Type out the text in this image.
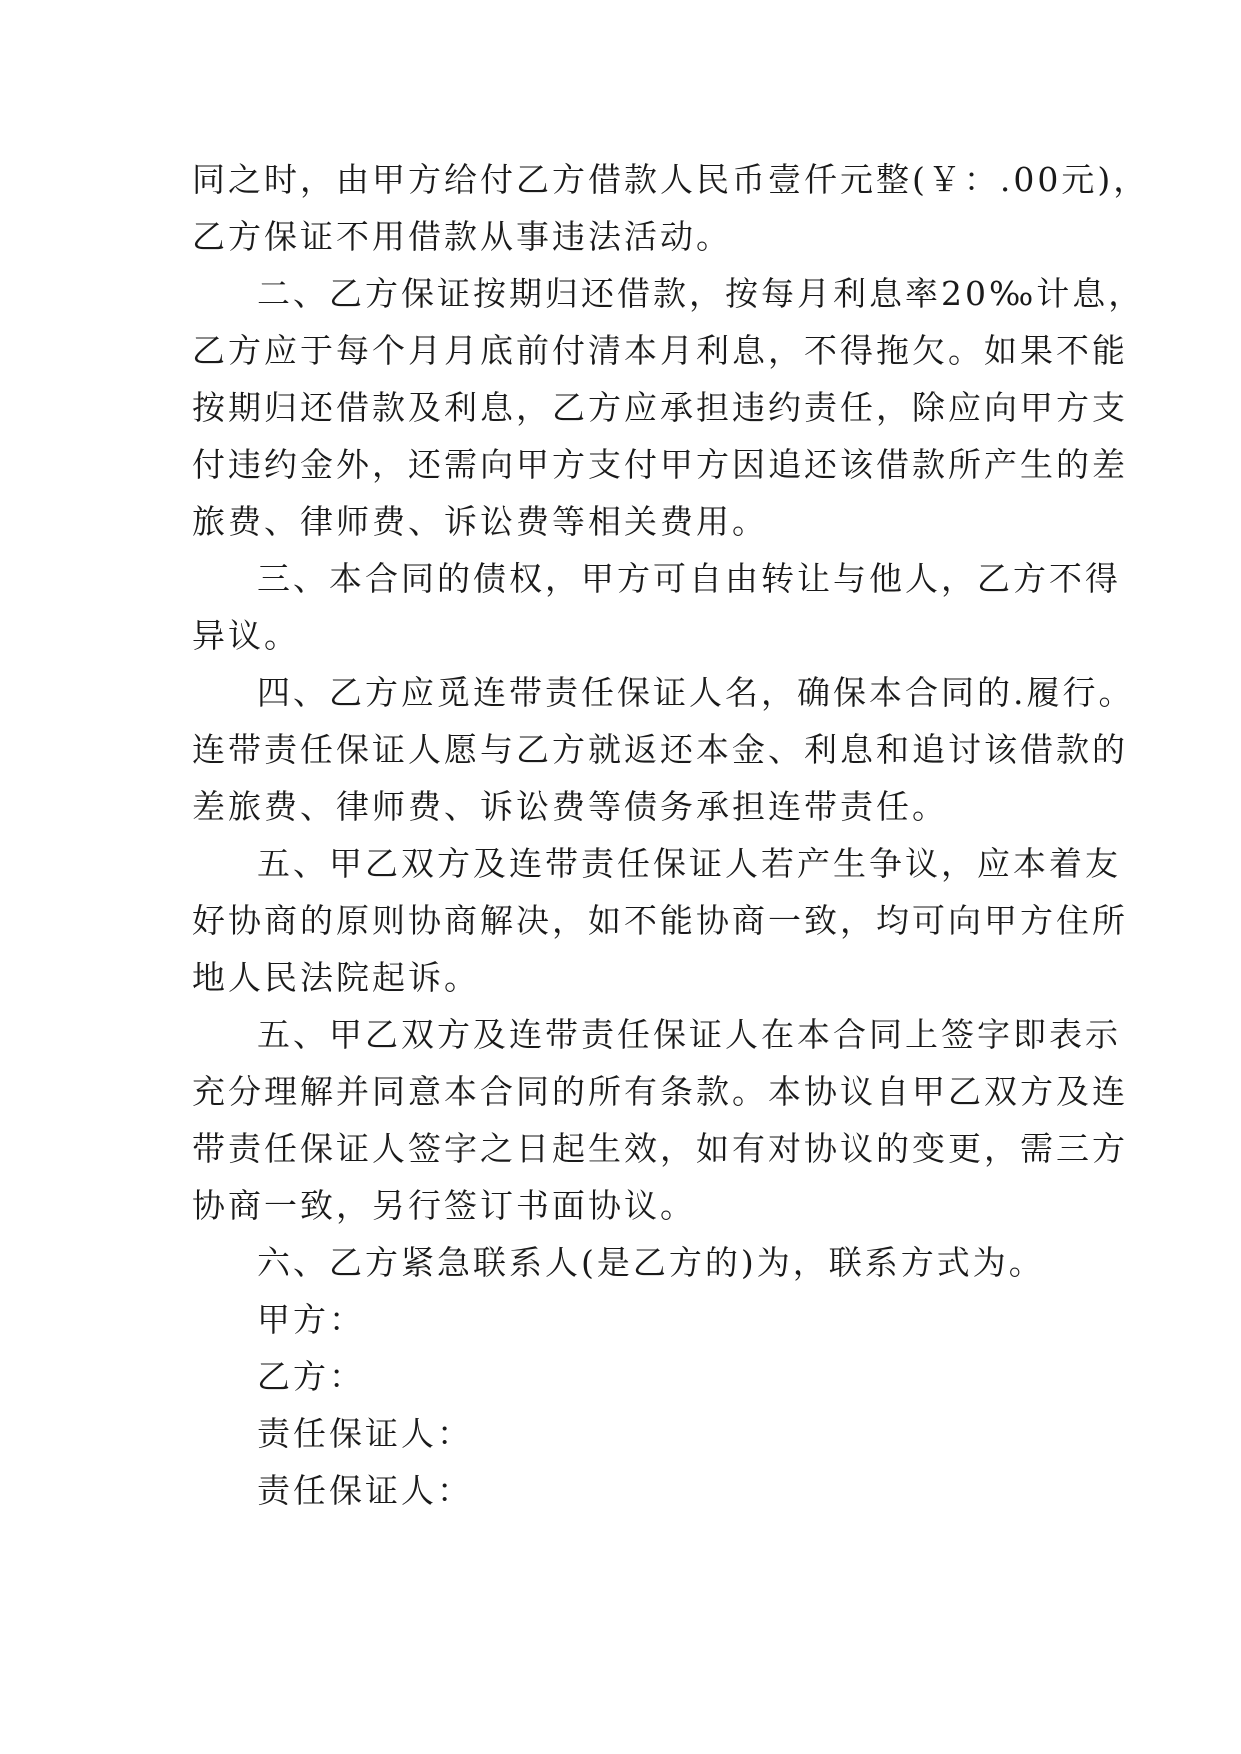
同之时，由甲方给付乙方借款人民币壹仟元整(￥：.00元)，
乙方保证不用借款从事违法活动。
二、乙方保证按期归还借款，按每月利息率20‰计息，
乙方应于每个月月底前付清本月利息，不得拖欠。如果不能
按期归还借款及利息，乙方应承担违约责任，除应向甲方支
付违约金外，还需向甲方支付甲方因追还该借款所产生的差
旅费、律师费、诉讼费等相关费用。
三、本合同的债权，甲方可自由转让与他人，乙方不得
异议。
四、乙方应觅连带责任保证人名，确保本合同的.履行。
连带责任保证人愿与乙方就返还本金、利息和追讨该借款的
差旅费、律师费、诉讼费等债务承担连带责任。
五、甲乙双方及连带责任保证人若产生争议，应本着友
好协商的原则协商解决，如不能协商一致，均可向甲方住所
地人民法院起诉。
五、甲乙双方及连带责任保证人在本合同上签字即表示
充分理解并同意本合同的所有条款。本协议自甲乙双方及连
带责任保证人签字之日起生效，如有对协议的变更，需三方
协商一致，另行签订书面协议。
六、乙方紧急联系人(是乙方的)为，联系方式为。
甲方：
乙方：
责任保证人：
责任保证人：
